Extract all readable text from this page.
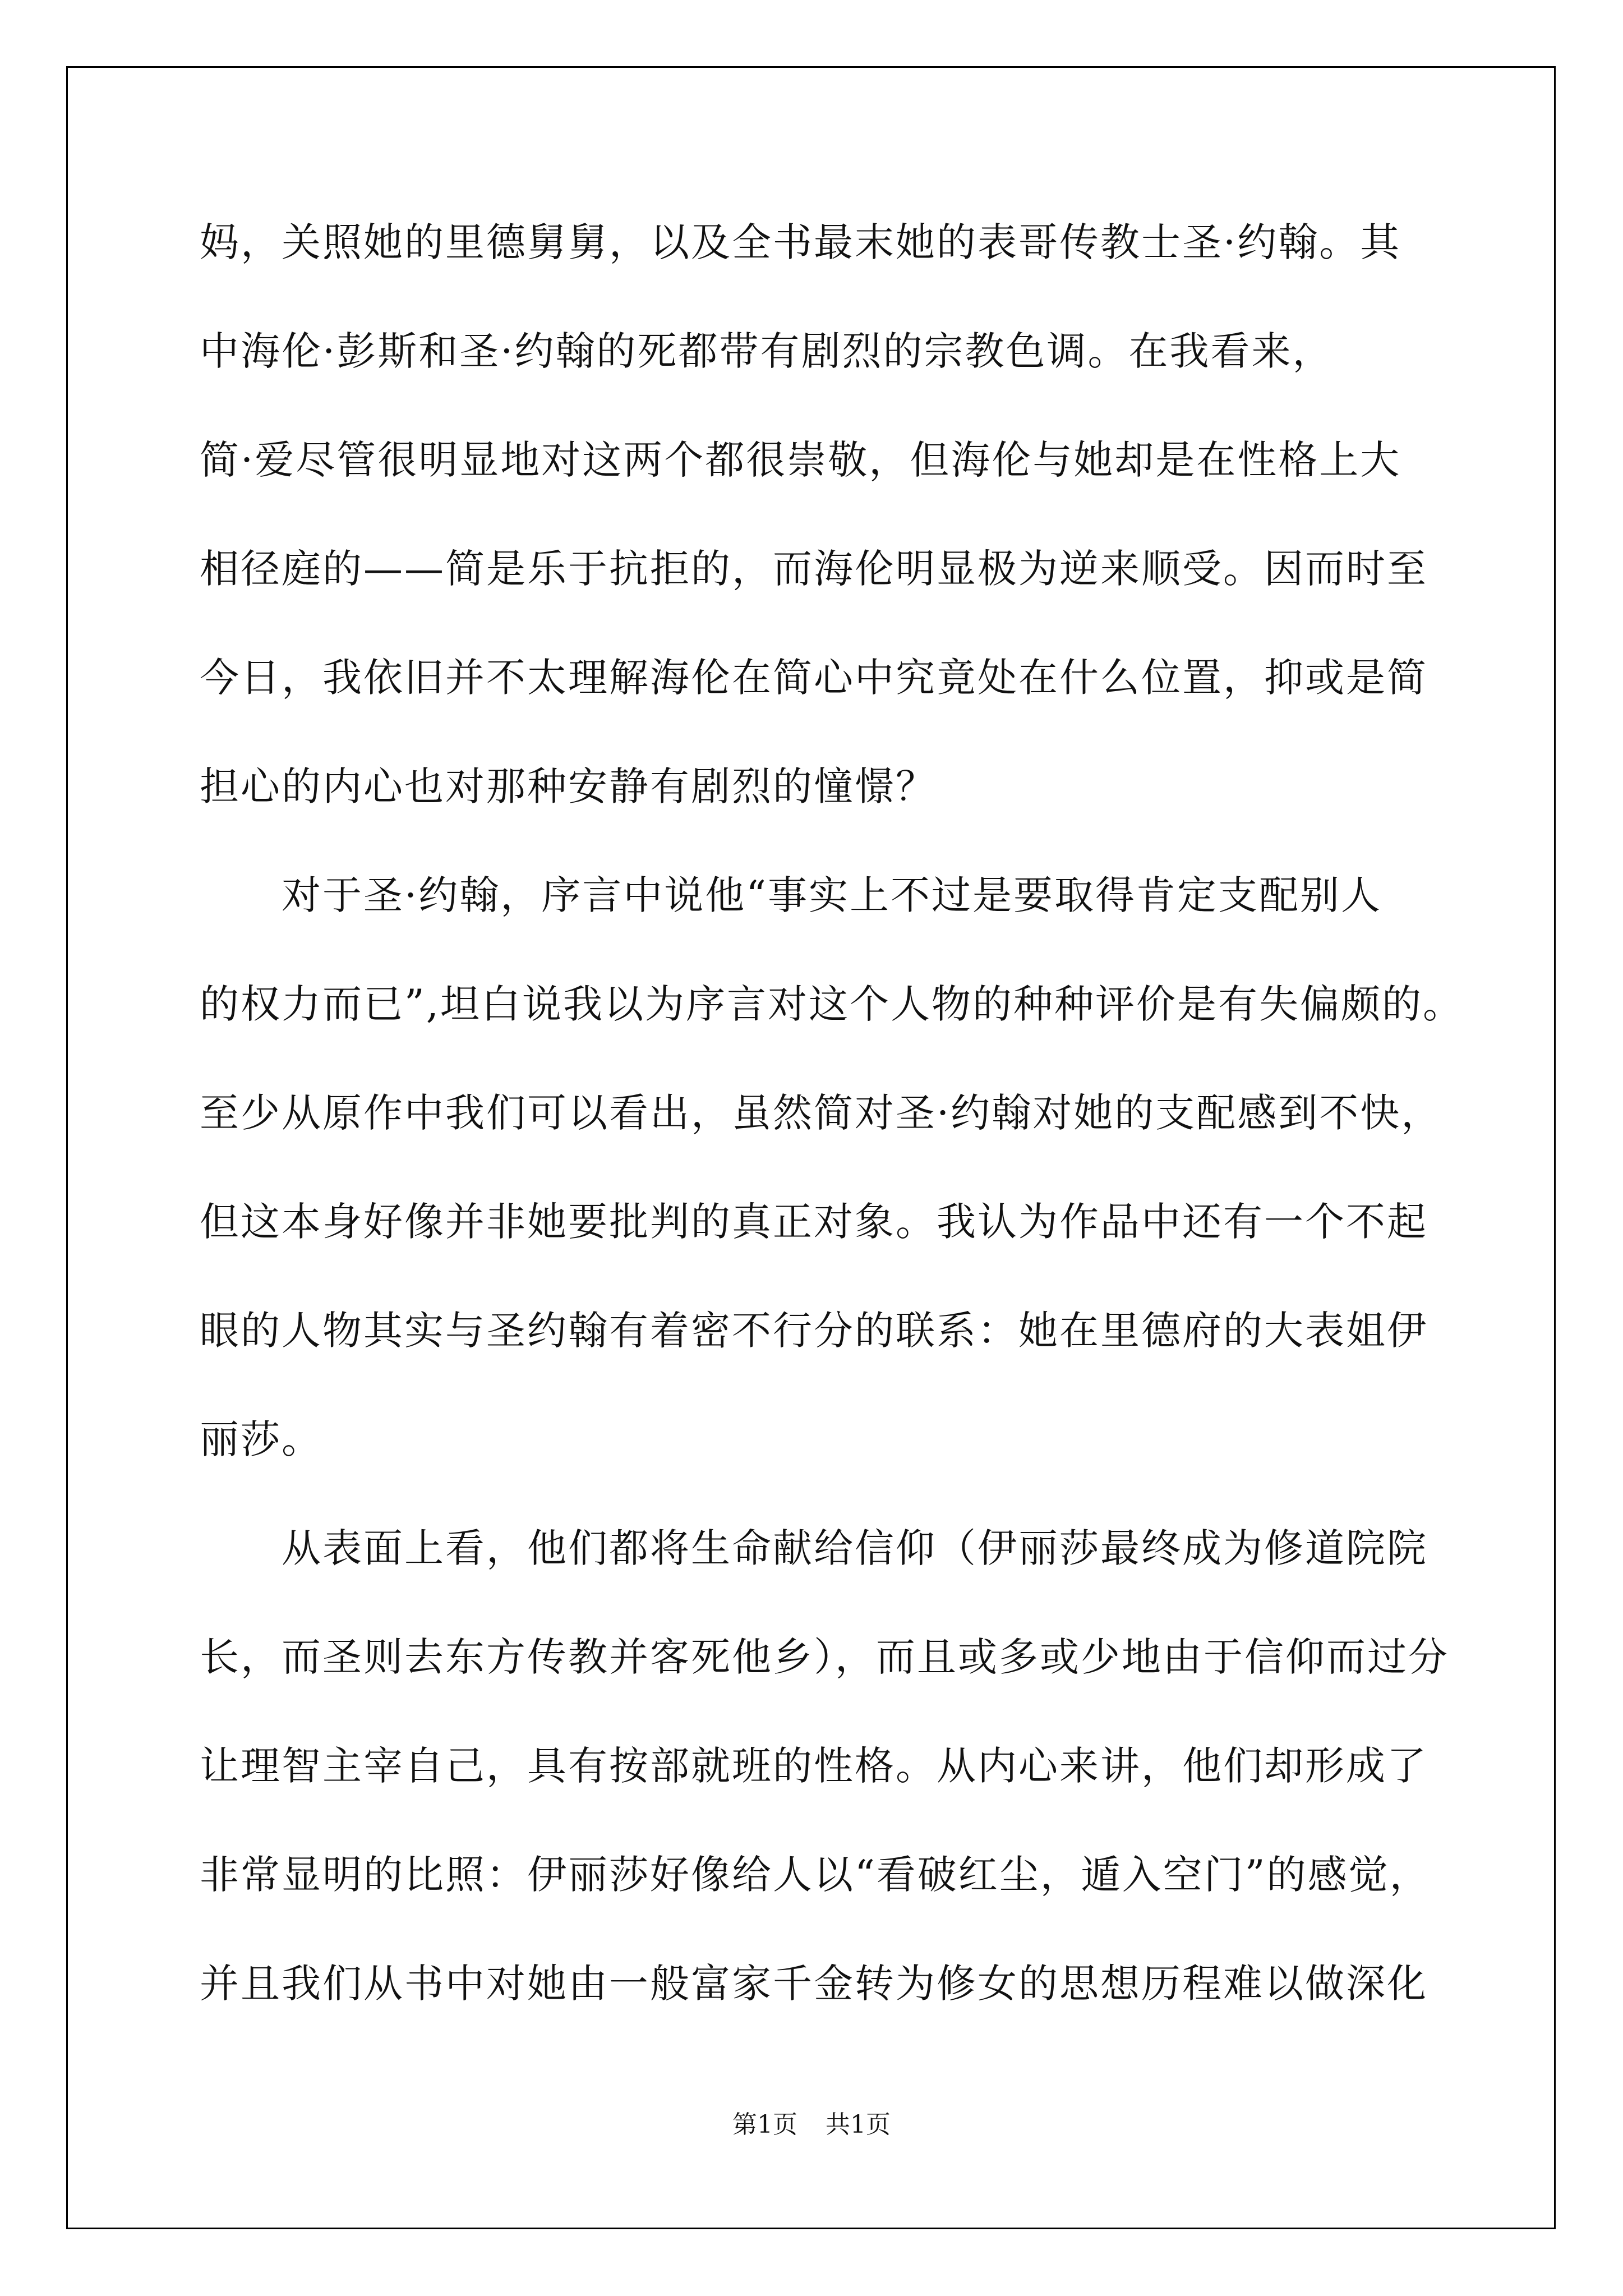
妈，关照她的里德舅舅，以及全书最末她的表哥传教士圣·约翰。其
中海伦·彭斯和圣·约翰的死都带有剧烈的宗教色调。在我看来，
简·爱尽管很明显地对这两个都很崇敬，但海伦与她却是在性格上大
相径庭的——简是乐于抗拒的，而海伦明显极为逆来顺受。因而时至
今日，我依旧并不太理解海伦在简心中究竟处在什么位置，抑或是简
担心的内心也对那种安静有剧烈的憧憬？
　　对于圣·约翰，序言中说他“事实上不过是要取得肯定支配别人
的权力而已”,坦白说我以为序言对这个人物的种种评价是有失偏颇的。
至少从原作中我们可以看出，虽然简对圣·约翰对她的支配感到不快，
但这本身好像并非她要批判的真正对象。我认为作品中还有一个不起
眼的人物其实与圣约翰有着密不行分的联系：她在里德府的大表姐伊
丽莎。
　　从表面上看，他们都将生命献给信仰（伊丽莎最终成为修道院院
长，而圣则去东方传教并客死他乡），而且或多或少地由于信仰而过分
让理智主宰自己，具有按部就班的性格。从内心来讲，他们却形成了
非常显明的比照：伊丽莎好像给人以“看破红尘，遁入空门”的感觉，
并且我们从书中对她由一般富家千金转为修女的思想历程难以做深化
第1页 共1页
